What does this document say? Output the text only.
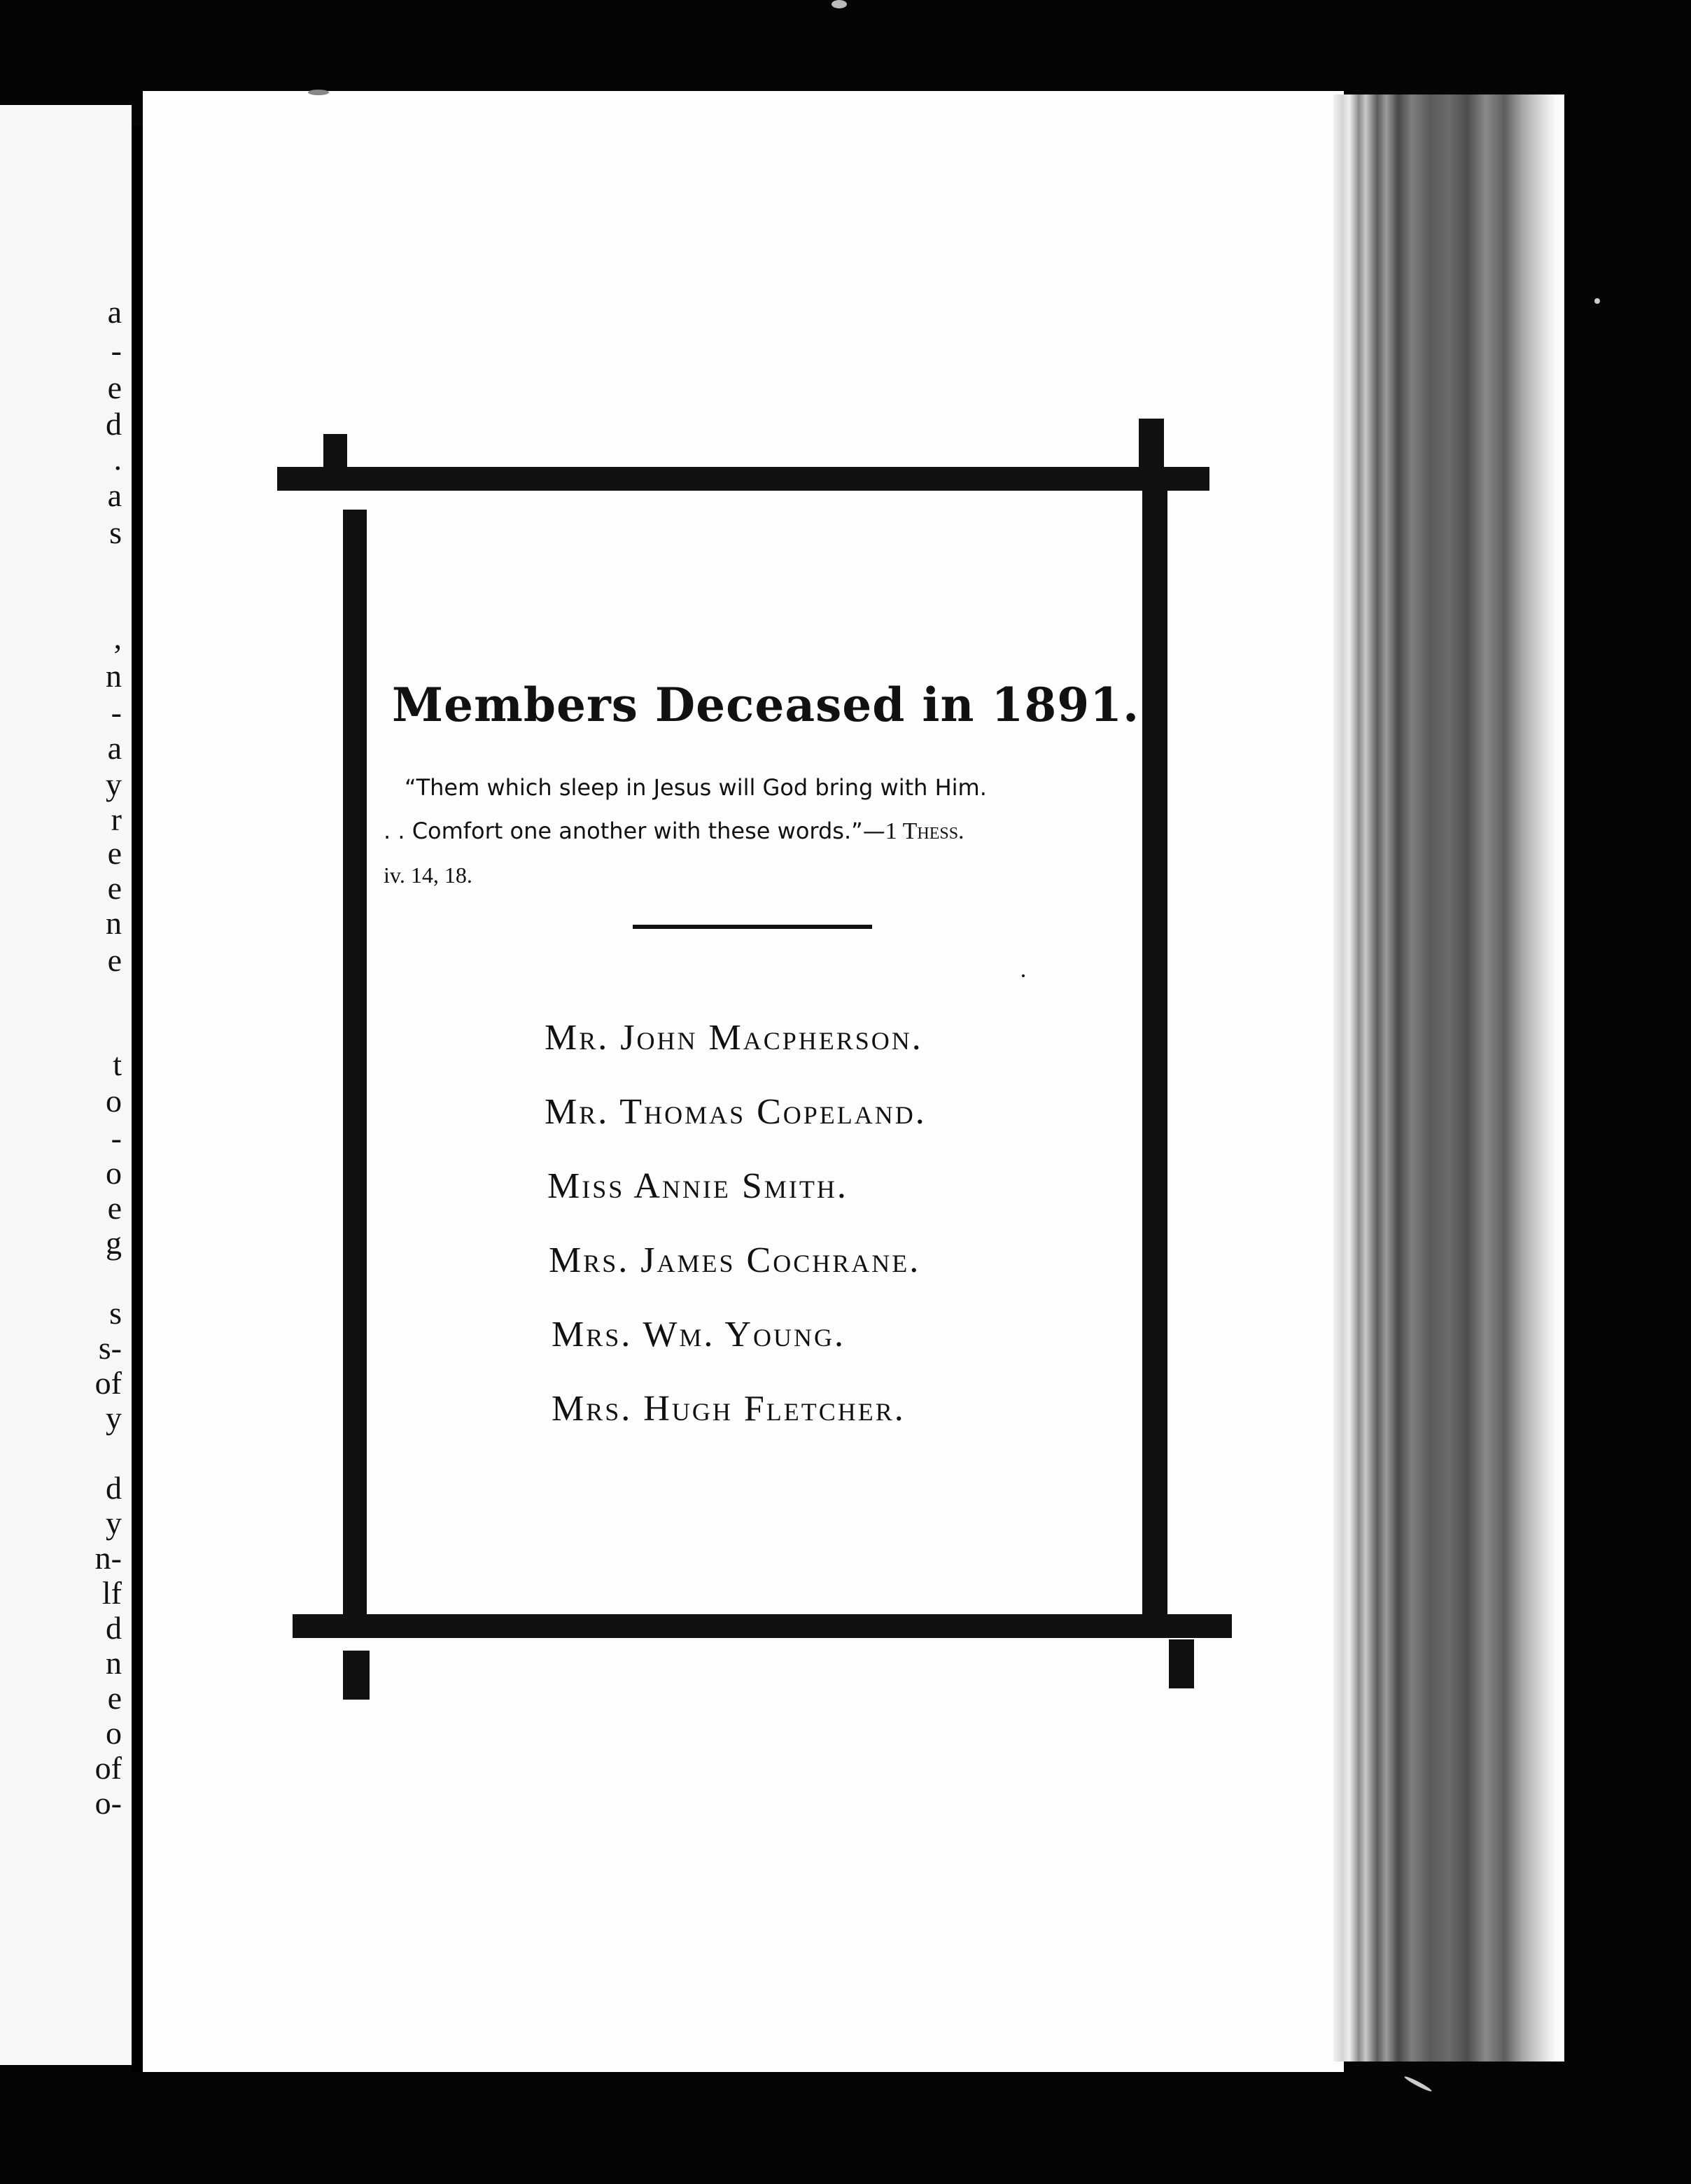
a
-
e
d
.
a
s
,
n
-
a
y
r
e
e
n
e
t
o
-
o
e
g
s
s-
of
y
d
y
n-
lf
d
n
e
o
of
o-
Members Deceased in 1891.
“Them which sleep in Jesus will God bring with Him.
. . Comfort one another with these words.”—1 Thess.
iv. 14, 18.
Mr. John Macpherson.
Mr. Thomas Copeland.
Miss Annie Smith.
Mrs. James Cochrane.
Mrs. Wm. Young.
Mrs. Hugh Fletcher.
